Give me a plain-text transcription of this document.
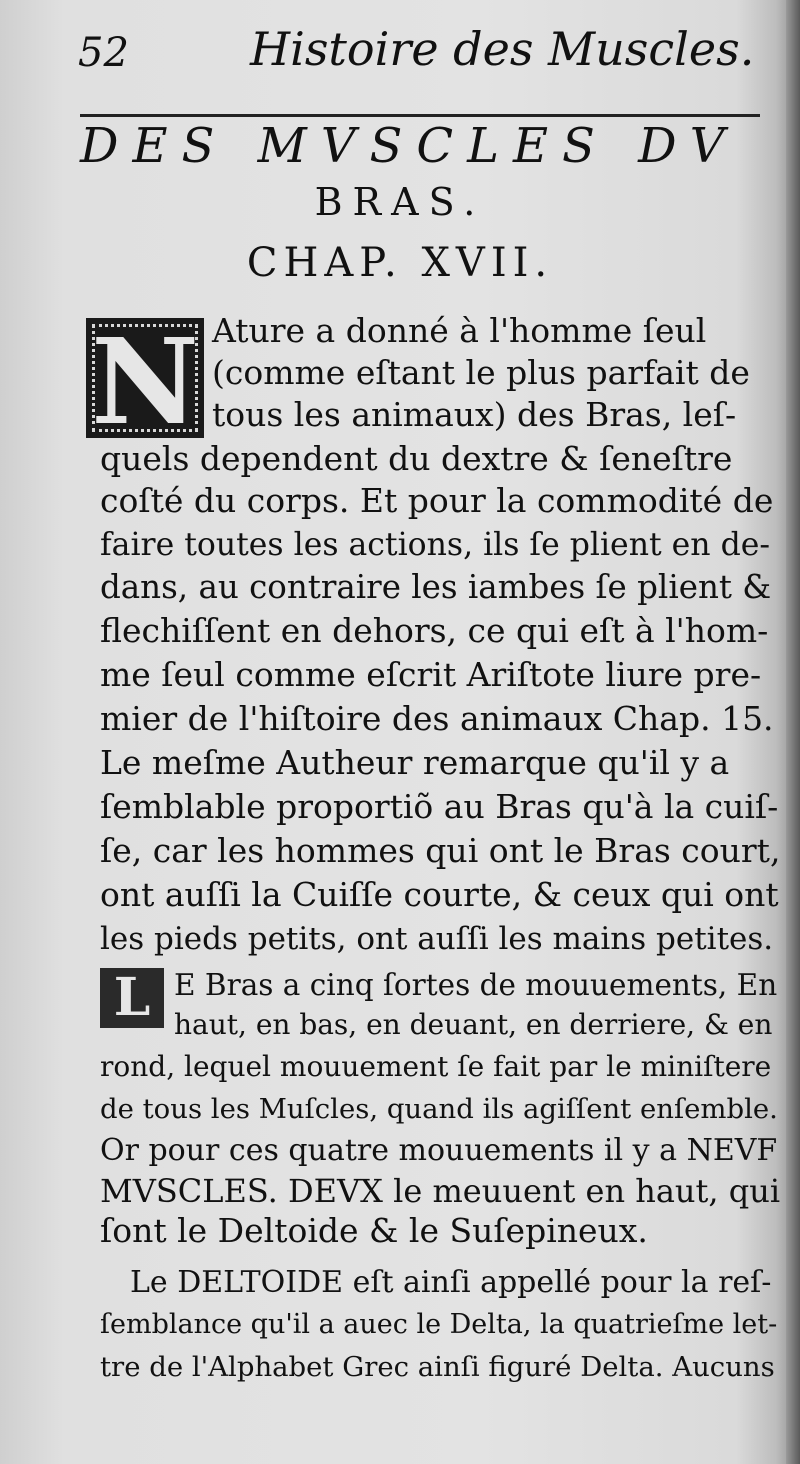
52	Histoire des Muscles.
DES MVSCLES DV
BRAS.
CHAP. XVII.
N Ature a donné à l'homme ſeul
(comme eſtant le plus parfait de
tous les animaux) des Bras, leſ-
quels dependent du dextre & ſeneſtre
coſté du corps. Et pour la commodité de
faire toutes les actions, ils ſe plient en de-
dans, au contraire les iambes ſe plient &
flechiſſent en dehors, ce qui eſt à l'hom-
me ſeul comme eſcrit Ariſtote liure pre-
mier de l'hiſtoire des animaux Chap. 15.
Le meſme Autheur remarque qu'il y a
ſemblable proportiõ au Bras qu'à la cuiſ-
ſe, car les hommes qui ont le Bras court,
ont auſſi la Cuiſſe courte, & ceux qui ont
les pieds petits, ont auſſi les mains petites.
L E Bras a cinq ſortes de mouuements, En
haut, en bas, en deuant, en derriere, & en
rond, lequel mouuement ſe fait par le miniſtere
de tous les Muſcles, quand ils agiſſent enſemble.
Or pour ces quatre mouuements il y a NEVF
MVSCLES. DEVX le meuuent en haut, qui
ſont le Deltoide & le Suſepineux.
Le DELTOIDE eſt ainſi appellé pour la reſ-
ſemblance qu'il a auec le Delta, la quatrieſme let-
tre de l'Alphabet Grec ainſi figuré Delta. Aucuns
